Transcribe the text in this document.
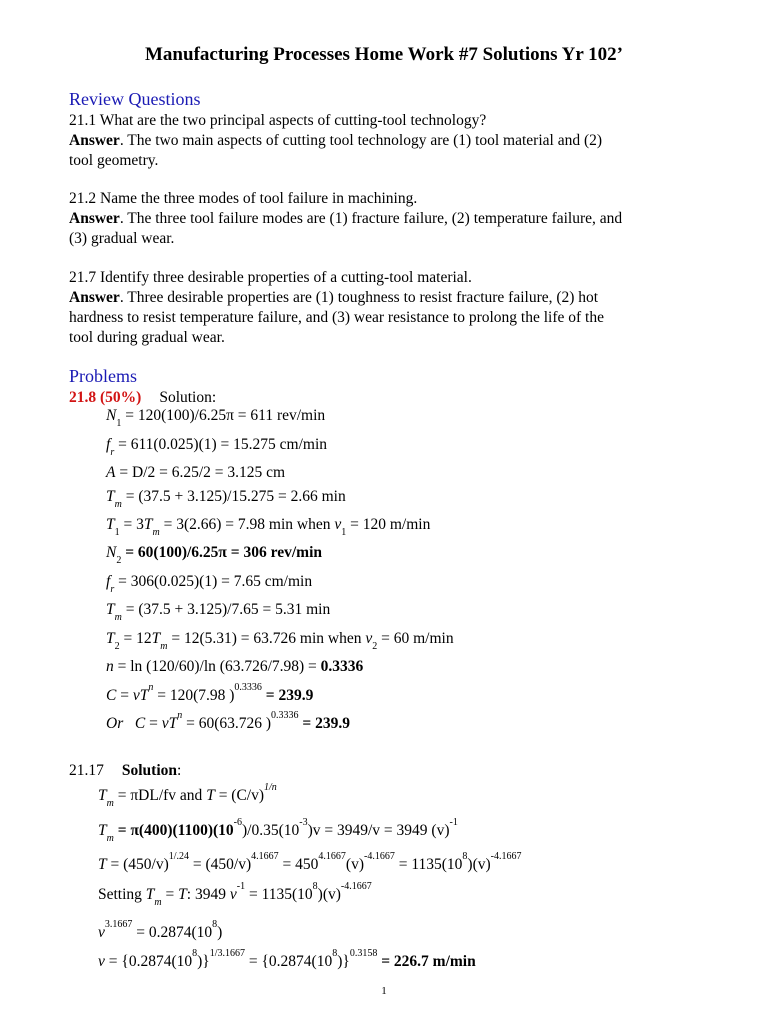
Manufacturing Processes Home Work #7 Solutions Yr 102’
Review Questions
21.1 What are the two principal aspects of cutting-tool technology?
Answer. The two main aspects of cutting tool technology are (1) tool material and (2)
tool geometry.
21.2 Name the three modes of tool failure in machining.
Answer. The three tool failure modes are (1) fracture failure, (2) temperature failure, and
(3) gradual wear.
21.7 Identify three desirable properties of a cutting-tool material.
Answer. Three desirable properties are (1) toughness to resist fracture failure, (2) hot
hardness to resist temperature failure, and (3) wear resistance to prolong the life of the
tool during gradual wear.
Problems
21.8 (50%) Solution:
$N_1 = 120(100)/6.25\pi = 611$ rev/min
$f_r = 611(0.025)(1) = 15.275$ cm/min
A = D/2 = 6.25/2 = 3.125 cm
$T_m = (37.5 + 3.125)/15.275 = 2.66$ min
$T_1 = 3T_m = 3(2.66) = 7.98$ min when $v_1 = 120$ m/min
$N_2 = 60(100)/6.25\pi = 306$ rev/min
$f_r = 306(0.025)(1) = 7.65$ cm/min
$T_m = (37.5 + 3.125)/7.65 = 5.31$ min
$T_2 = 12T_m = 12(5.31) = 63.726$ min when $v_2 = 60$ m/min
n = ln (120/60)/ln (63.726/7.98) = 0.3336
$C = vT^n = 120(7.98$ )$^{0.3336}$ = 239.9
Or $C = vT^n = 60(63.726$ )$^{0.3336}$ = 239.9
21.17 Solution:
$T_m = \pi DL/fv$ and $T = (C/v)^{1/n}$
$T_m = \pi(400)(1100)(10^{-6})/0.35(10^{-3})v = 3949/v = 3949$ $(v)^{-1}$
$T = (450/v)^{1/.24} = (450/v)^{4.1667} = 450^{4.1667}(v)^{-4.1667} = 1135(10^8)(v)^{-4.1667}$
Setting $T_m = T$: 3949 $v^{-1} = 1135(10^8)(v)^{-4.1667}$
$v^{3.1667} = 0.2874(10^8)$
$v = \{0.2874(10^8)\}^{1/3.1667} = \{0.2874(10^8)\}^{0.3158} = 226.7$ m/min
1
